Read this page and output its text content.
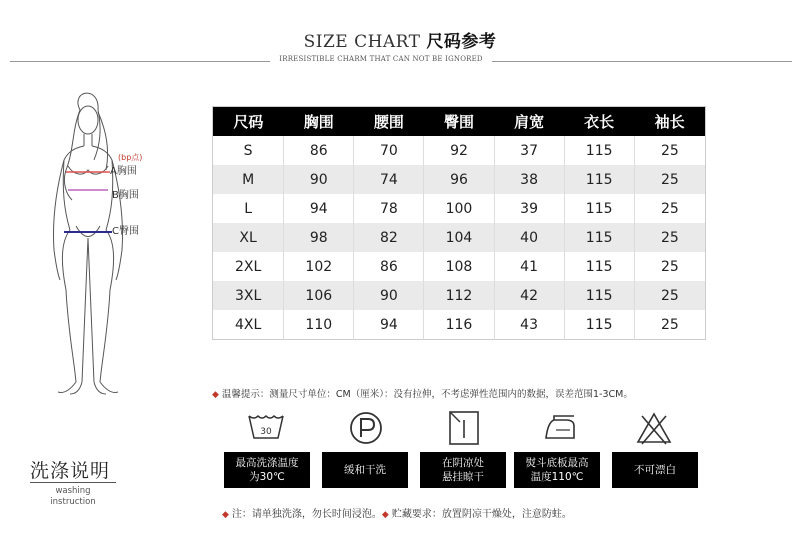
SIZE CHART 尺码参考
IRRESISTIBLE CHARM THAT CAN NOT BE IGNORED
(bp点)
A胸围
B胸围
C臀围
尺码	胸围	腰围	臀围	肩宽	衣长	袖长
S	86	70	92	37	115	25
M	90	74	96	38	115	25
L	94	78	100	39	115	25
XL	98	82	104	40	115	25
2XL	102	86	108	41	115	25
3XL	106	90	112	42	115	25
4XL	110	94	116	43	115	25
◆ 温馨提示：测量尺寸单位：CM（厘米）：没有拉伸，不考虑弹性范围内的数据，误差范围1-3CM。
洗涤说明
washing
instruction
30
最高洗涤温度
为30℃
缓和干洗
在阴凉处
悬挂晾干
熨斗底板最高
温度110℃
不可漂白
◆ 注：请单独洗涤，勿长时间浸泡。◆ 贮藏要求：放置阴凉干燥处，注意防蛀。
